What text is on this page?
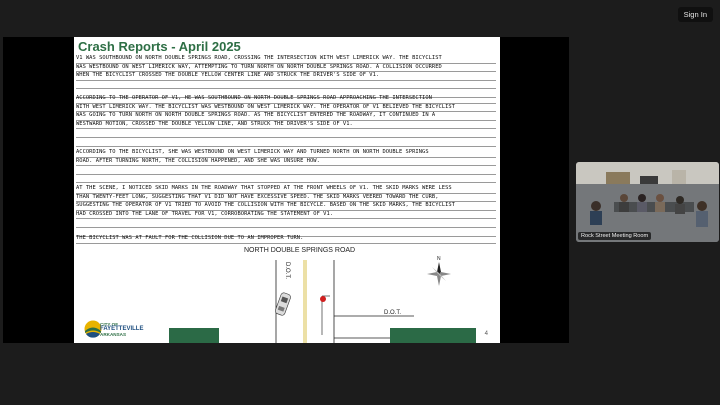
Sign In
Crash Reports - April 2025
V1 WAS SOUTHBOUND ON NORTH DOUBLE SPRINGS ROAD, CROSSING THE INTERSECTION WITH WEST LIMERICK WAY. THE BICYCLIST
WAS WESTBOUND ON WEST LIMERICK WAY, ATTEMPTING TO TURN NORTH ON NORTH DOUBLE SPRINGS ROAD. A COLLISION OCCURRED
WHEN THE BICYCLIST CROSSED THE DOUBLE YELLOW CENTER LINE AND STRUCK THE DRIVER'S SIDE OF V1.

ACCORDING TO THE OPERATOR OF V1, HE WAS SOUTHBOUND ON NORTH DOUBLE SPRINGS ROAD APPROACHING THE INTERSECTION
WITH WEST LIMERICK WAY. THE BICYCLIST WAS WESTBOUND ON WEST LIMERICK WAY. THE OPERATOR OF V1 BELIEVED THE BICYCLIST
WAS GOING TO TURN NORTH ON NORTH DOUBLE SPRINGS ROAD. AS THE BICYCLIST ENTERED THE ROADWAY, IT CONTINUED IN A
WESTWARD MOTION, CROSSED THE DOUBLE YELLOW LINE, AND STRUCK THE DRIVER'S SIDE OF V1.

ACCORDING TO THE BICYCLIST, SHE WAS WESTBOUND ON WEST LIMERICK WAY AND TURNED NORTH ON NORTH DOUBLE SPRINGS
ROAD. AFTER TURNING NORTH, THE COLLISION HAPPENED, AND SHE WAS UNSURE HOW.

AT THE SCENE, I NOTICED SKID MARKS IN THE ROADWAY THAT STOPPED AT THE FRONT WHEELS OF V1. THE SKID MARKS WERE LESS
THAN TWENTY-FEET LONG, SUGGESTING THAT V1 DID NOT HAVE EXCESSIVE SPEED. THE SKID MARKS VEERED TOWARD THE CURB,
SUGGESTING THE OPERATOR OF V1 TRIED TO AVOID THE COLLISION WITH THE BICYCLE. BASED ON THE SKID MARKS, THE BICYCLIST
HAD CROSSED INTO THE LANE OF TRAVEL FOR V1, CORROBORATING THE STATEMENT OF V1.

THE BICYCLIST WAS AT FAULT FOR THE COLLISION DUE TO AN IMPROPER TURN.
NORTH DOUBLE SPRINGS ROAD
D.O.T.
D.O.T.
N
CITY OF
FAYETTEVILLE
ARKANSAS	4
Rock Street Meeting Room
